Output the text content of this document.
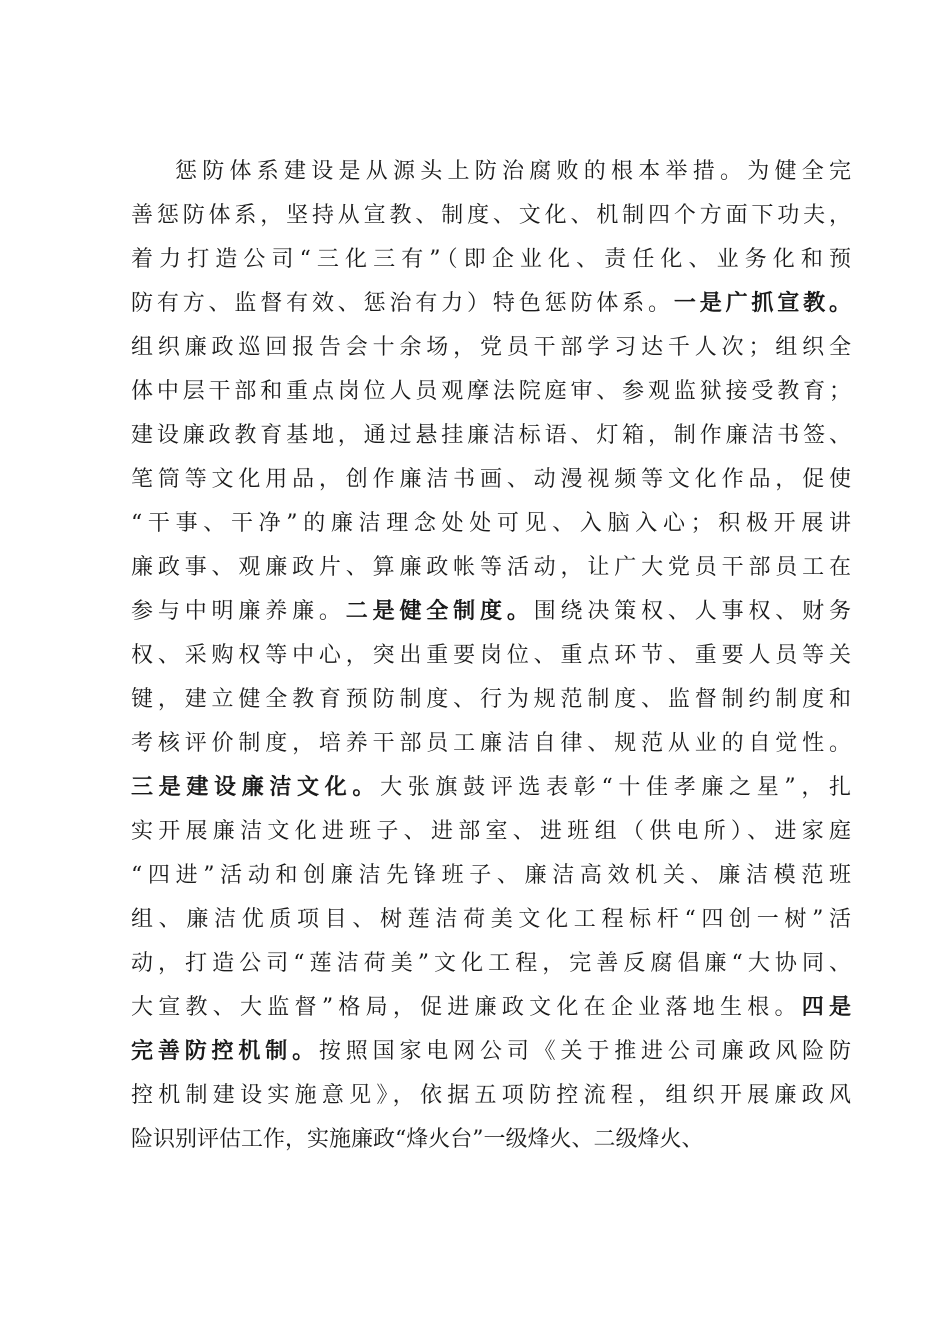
惩防体系建设是从源头上防治腐败的根本举措。为健全完
善惩防体系，坚持从宣教、制度、文化、机制四个方面下功夫，
着力打造公司“三化三有”（即企业化、责任化、业务化和预
防有方、监督有效、惩治有力）特色惩防体系。一是广抓宣教。
组织廉政巡回报告会十余场，党员干部学习达千人次；组织全
体中层干部和重点岗位人员观摩法院庭审、参观监狱接受教育；
建设廉政教育基地，通过悬挂廉洁标语、灯箱，制作廉洁书签、
笔筒等文化用品，创作廉洁书画、动漫视频等文化作品，促使
“干事、干净”的廉洁理念处处可见、入脑入心；积极开展讲
廉政事、观廉政片、算廉政帐等活动，让广大党员干部员工在
参与中明廉养廉。二是健全制度。围绕决策权、人事权、财务
权、采购权等中心，突出重要岗位、重点环节、重要人员等关
键，建立健全教育预防制度、行为规范制度、监督制约制度和
考核评价制度，培养干部员工廉洁自律、规范从业的自觉性。
三是建设廉洁文化。大张旗鼓评选表彰“十佳孝廉之星”，扎
实开展廉洁文化进班子、进部室、进班组（供电所）、进家庭
“四进”活动和创廉洁先锋班子、廉洁高效机关、廉洁模范班
组、廉洁优质项目、树莲洁荷美文化工程标杆“四创一树”活
动，打造公司“莲洁荷美”文化工程，完善反腐倡廉“大协同、
大宣教、大监督”格局，促进廉政文化在企业落地生根。四是
完善防控机制。按照国家电网公司《关于推进公司廉政风险防
控机制建设实施意见》，依据五项防控流程，组织开展廉政风
险识别评估工作，实施廉政“烽火台”一级烽火、二级烽火、
